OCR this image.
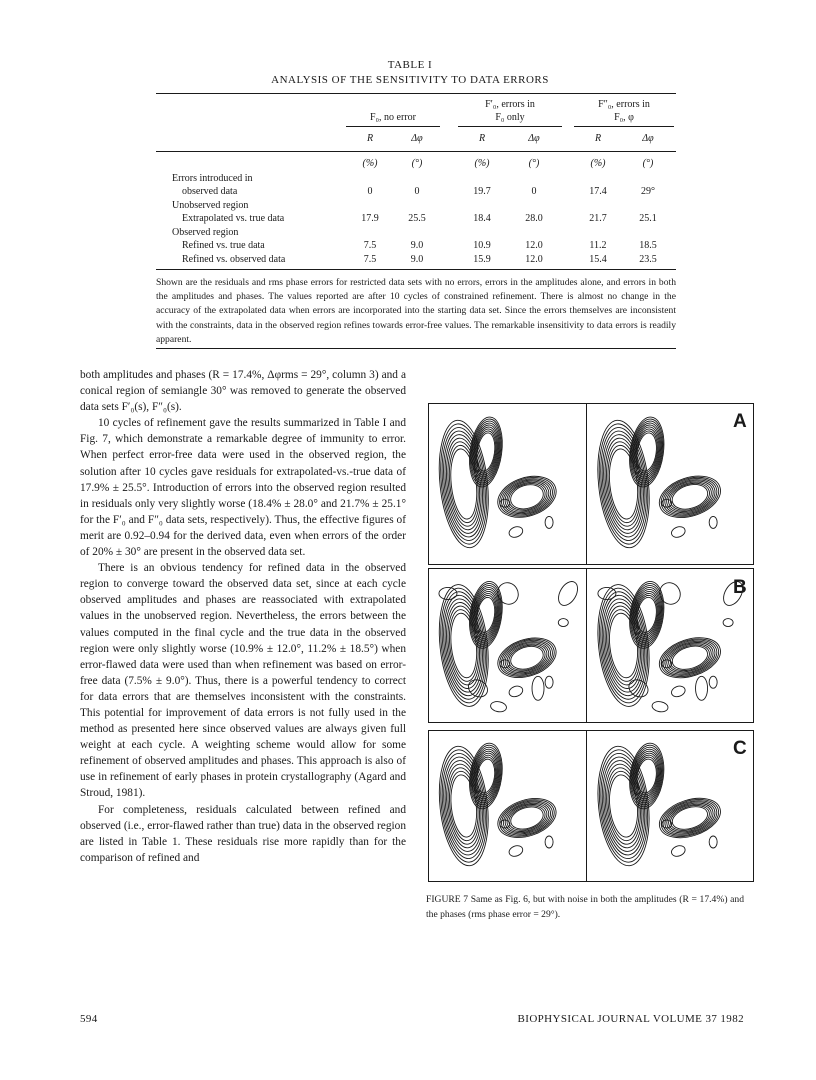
TABLE I
ANALYSIS OF THE SENSITIVITY TO DATA ERRORS
F₀, no error
F′₀, errors in
F₀ only
F″₀, errors in
F₀, φ
R	Δφ	R	Δφ	R	Δφ
(%)	(°)	(%)	(°)	(%)	(°)
Errors introduced in
observed data	0	0	19.7	0	17.4	29°
Unobserved region
Extrapolated vs. true data	17.9	25.5	18.4	28.0	21.7	25.1
Observed region
Refined vs. true data	7.5	9.0	10.9	12.0	11.2	18.5
Refined vs. observed data	7.5	9.0	15.9	12.0	15.4	23.5
Shown are the residuals and rms phase errors for restricted data sets with no errors, errors in the amplitudes alone, and errors in both the amplitudes and phases. The values reported are after 10 cycles of constrained refinement. There is almost no change in the accuracy of the extrapolated data when errors are incorporated into the starting data set. Since the errors themselves are inconsistent with the constraints, data in the observed region refines towards error-free values. The remarkable insensitivity to data errors is readily apparent.

both amplitudes and phases (R = 17.4%, Δφrms = 29°, column 3) and a conical region of semiangle 30° was removed to generate the observed data sets F′₀(s), F″₀(s).

10 cycles of refinement gave the results summarized in Table I and Fig. 7, which demonstrate a remarkable degree of immunity to error. When perfect error-free data were used in the observed region, the solution after 10 cycles gave residuals for extrapolated-vs.-true data of 17.9% ± 25.5°. Introduction of errors into the observed region resulted in residuals only very slightly worse (18.4% ± 28.0° and 21.7% ± 25.1° for the F′₀ and F″₀ data sets, respectively). Thus, the effective figures of merit are 0.92–0.94 for the derived data, even when errors of the order of 20% ± 30° are present in the observed data set.

There is an obvious tendency for refined data in the observed region to converge toward the observed data set, since at each cycle observed amplitudes and phases are reassociated with extrapolated values in the unobserved region. Nevertheless, the errors between the values computed in the final cycle and the true data in the observed region were only slightly worse (10.9% ± 12.0°, 11.2% ± 18.5°) when error-flawed data were used than when refinement was based on error-free data (7.5% ± 9.0°). Thus, there is a powerful tendency to correct for data errors that are themselves inconsistent with the constraints. This potential for improvement of data errors is not fully used in the method as presented here since observed values are always given full weight at each cycle. A weighting scheme would allow for some refinement of observed amplitudes and phases. This approach is also of use in refinement of early phases in protein crystallography (Agard and Stroud, 1981).

For completeness, residuals calculated between refined and observed (i.e., error-flawed rather than true) data in the observed region are listed in Table 1. These residuals rise more rapidly than for the comparison of refined and

A
B
C
FIGURE 7 Same as Fig. 6, but with noise in both the amplitudes (R = 17.4%) and the phases (rms phase error = 29°).
594	BIOPHYSICAL JOURNAL VOLUME 37 1982
